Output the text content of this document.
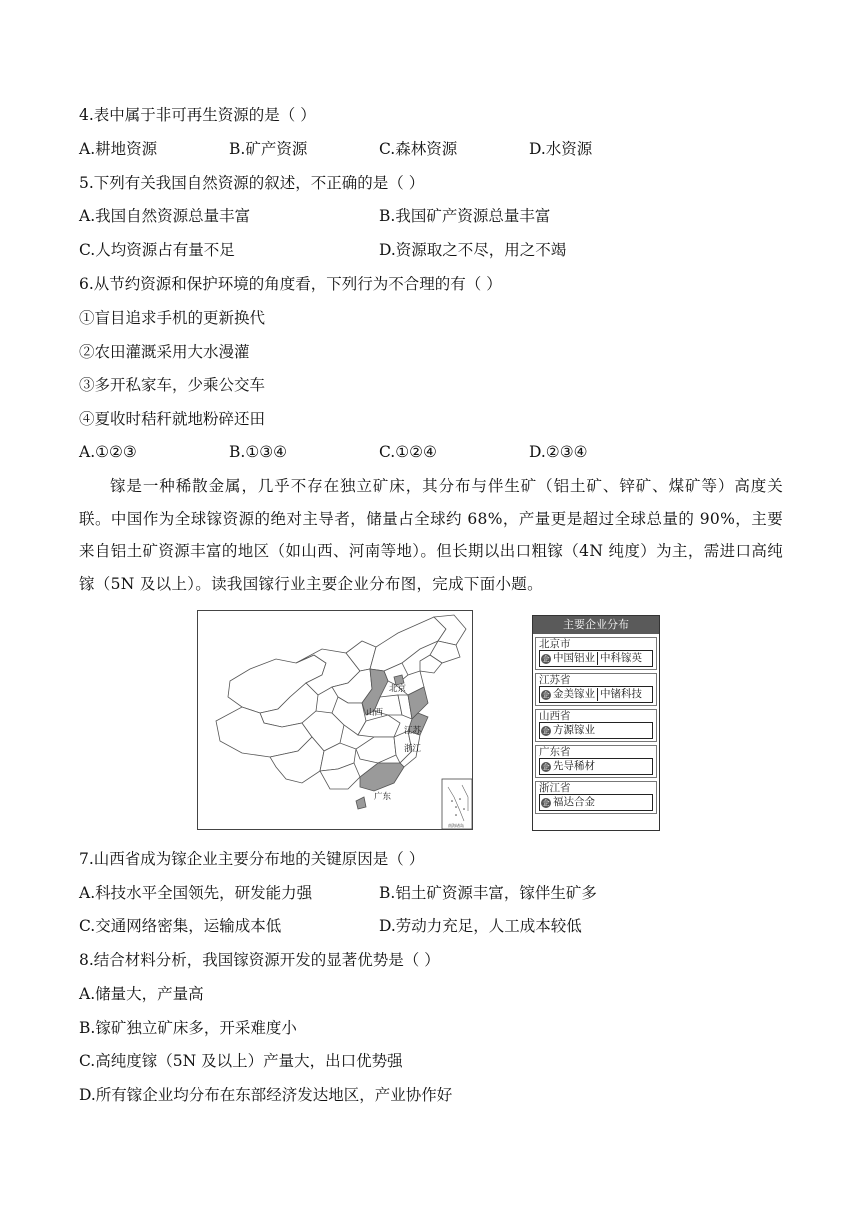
4.表中属于非可再生资源的是（ ）
A.耕地资源	B.矿产资源	C.森林资源	D.水资源
5.下列有关我国自然资源的叙述，不正确的是（ ）
A.我国自然资源总量丰富	B.我国矿产资源总量丰富
C.人均资源占有量不足	D.资源取之不尽，用之不竭
6.从节约资源和保护环境的角度看，下列行为不合理的有（ ）
①盲目追求手机的更新换代
②农田灌溉采用大水漫灌
③多开私家车，少乘公交车
④夏收时秸秆就地粉碎还田
A.①②③	B.①③④	C.①②④	D.②③④
镓是一种稀散金属，几乎不存在独立矿床，其分布与伴生矿（铝土矿、锌矿、煤矿等）高度关联。中国作为全球镓资源的绝对主导者，储量占全球约 68%，产量更是超过全球总量的 90%，主要来自铝土矿资源丰富的地区（如山西、河南等地）。但长期以出口粗镓（4N 纯度）为主，需进口高纯镓（5N 及以上）。读我国镓行业主要企业分布图，完成下面小题。
北京
山西
江苏
浙江
广东
南海诸岛
主要企业分布
北京市
企 中国铝业 中科镓英
江苏省
企 金美镓业 中锗科技
山西省
企 方源镓业
广东省
企 先导稀材
浙江省
企 福达合金
7.山西省成为镓企业主要分布地的关键原因是（ ）
A.科技水平全国领先，研发能力强	B.铝土矿资源丰富，镓伴生矿多
C.交通网络密集，运输成本低	D.劳动力充足，人工成本较低
8.结合材料分析，我国镓资源开发的显著优势是（ ）
A.储量大，产量高
B.镓矿独立矿床多，开采难度小
C.高纯度镓（5N 及以上）产量大，出口优势强
D.所有镓企业均分布在东部经济发达地区，产业协作好
